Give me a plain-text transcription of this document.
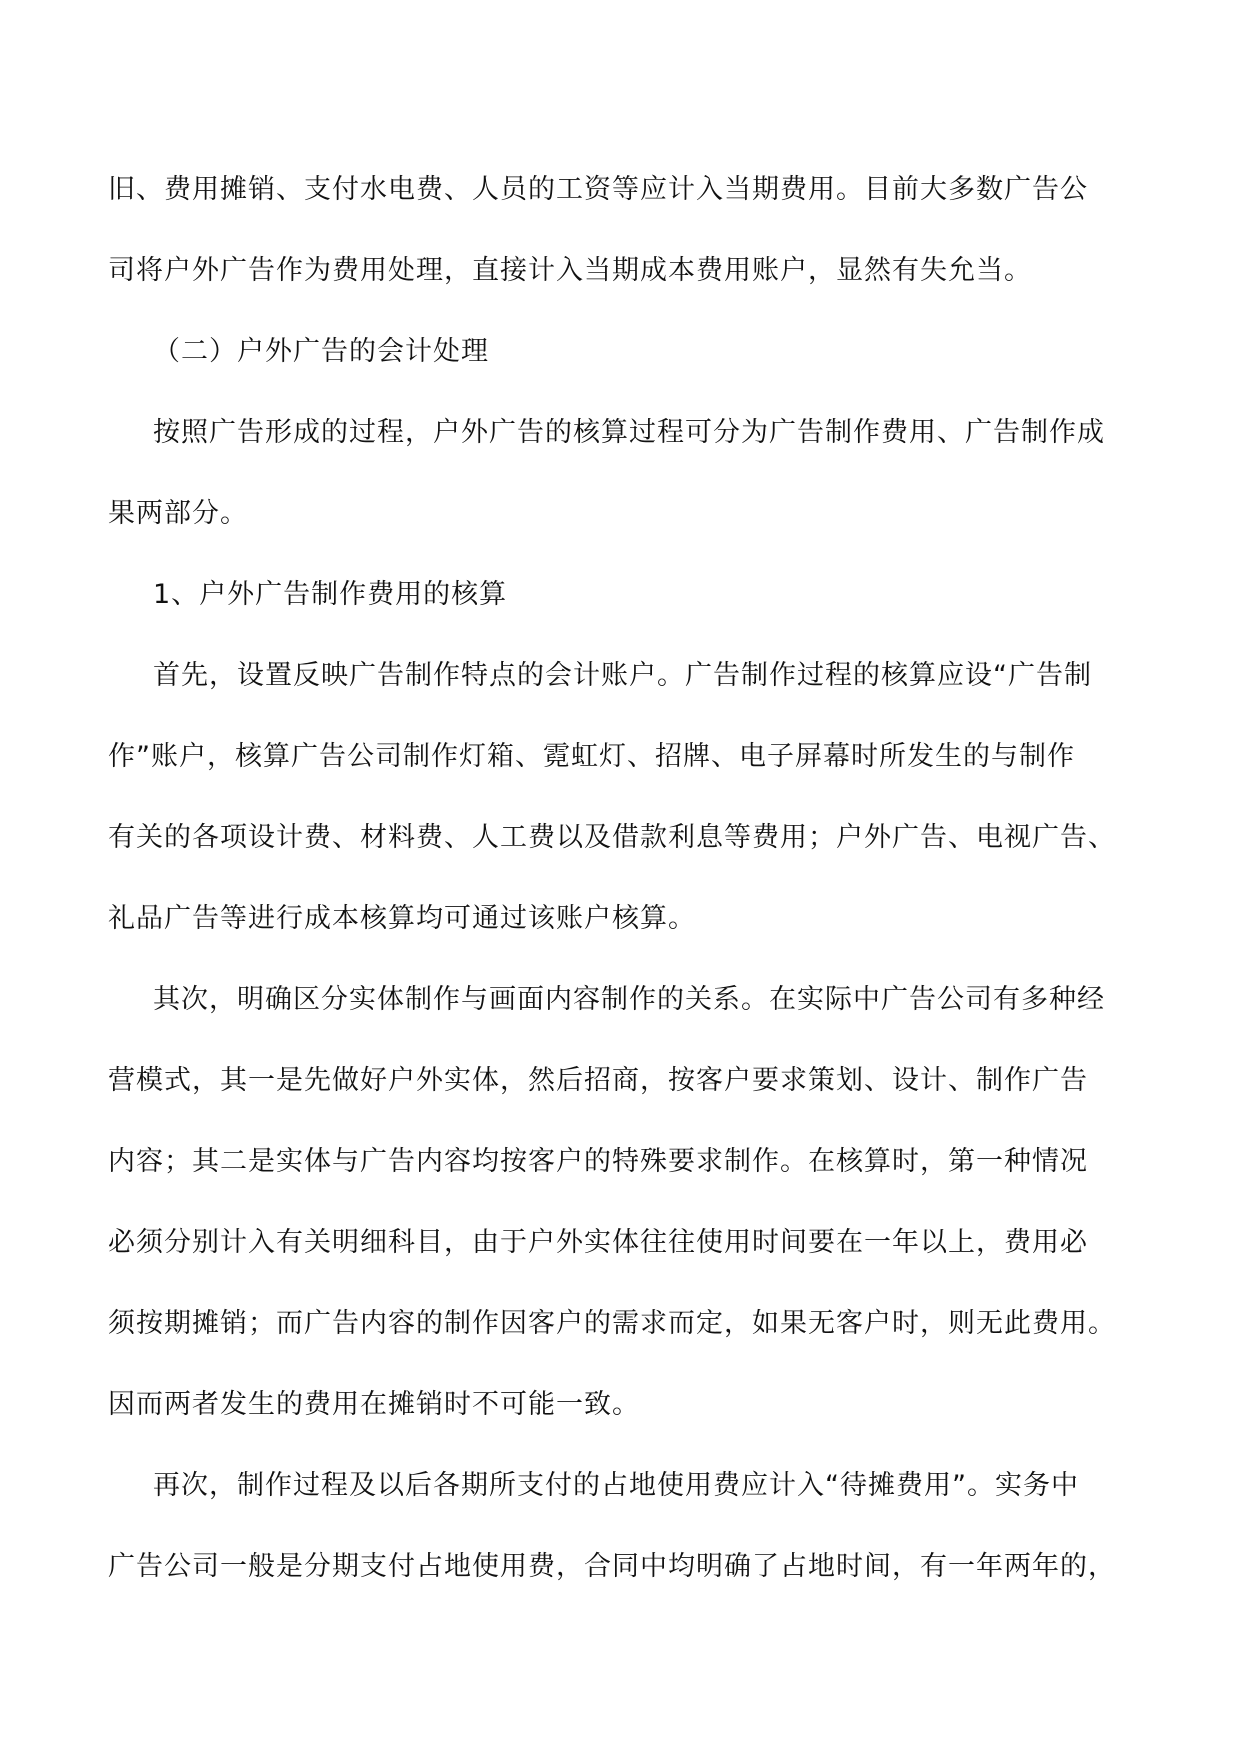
旧、费用摊销、支付水电费、人员的工资等应计入当期费用。目前大多数广告公
司将户外广告作为费用处理，直接计入当期成本费用账户，显然有失允当。
（二）户外广告的会计处理
按照广告形成的过程，户外广告的核算过程可分为广告制作费用、广告制作成
果两部分。
1、户外广告制作费用的核算
首先，设置反映广告制作特点的会计账户。广告制作过程的核算应设“广告制
作”账户，核算广告公司制作灯箱、霓虹灯、招牌、电子屏幕时所发生的与制作
有关的各项设计费、材料费、人工费以及借款利息等费用；户外广告、电视广告、
礼品广告等进行成本核算均可通过该账户核算。
其次，明确区分实体制作与画面内容制作的关系。在实际中广告公司有多种经
营模式，其一是先做好户外实体，然后招商，按客户要求策划、设计、制作广告
内容；其二是实体与广告内容均按客户的特殊要求制作。在核算时，第一种情况
必须分别计入有关明细科目，由于户外实体往往使用时间要在一年以上，费用必
须按期摊销；而广告内容的制作因客户的需求而定，如果无客户时，则无此费用。
因而两者发生的费用在摊销时不可能一致。
再次，制作过程及以后各期所支付的占地使用费应计入“待摊费用”。实务中
广告公司一般是分期支付占地使用费，合同中均明确了占地时间，有一年两年的，
